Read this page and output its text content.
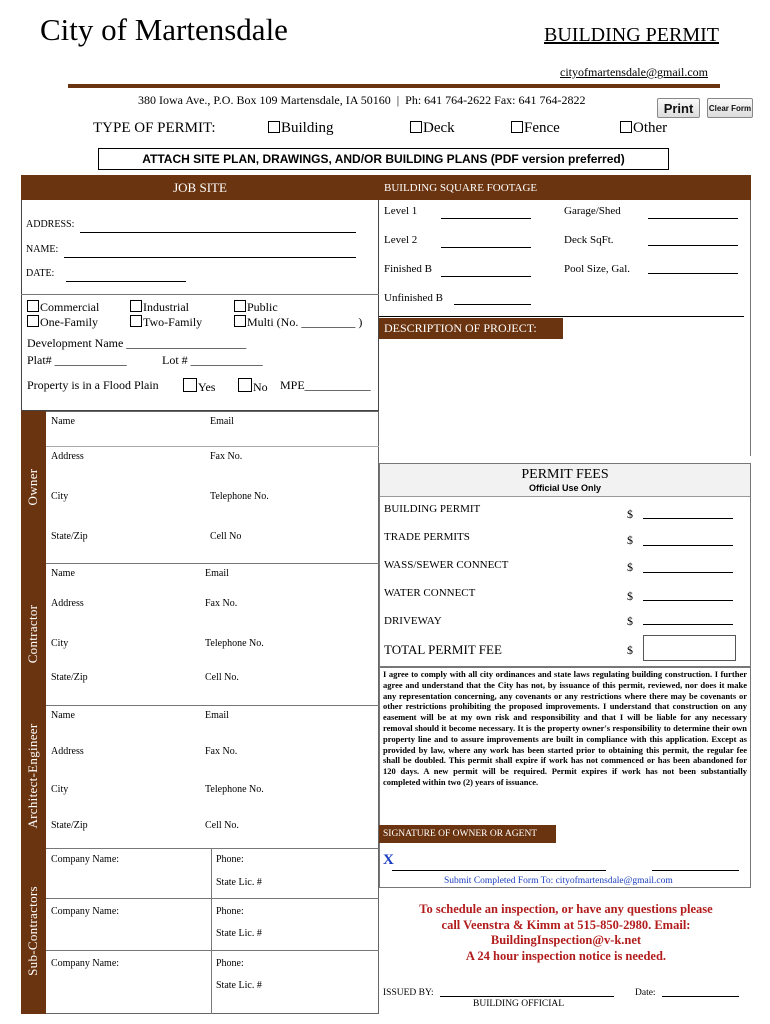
City of Martensdale	BUILDING PERMIT
cityofmartensdale@gmail.com
380 Iowa Ave., P.O. Box 109 Martensdale, IA 50160  |  Ph: 641 764-2622 Fax: 641 764-2822
Print	Clear Form
TYPE OF PERMIT:	Building	Deck	Fence	Other
ATTACH SITE PLAN, DRAWINGS, AND/OR BUILDING PLANS (PDF version preferred)
JOB SITE
ADDRESS:
NAME:
DATE:
Commercial	Industrial	Public
One-Family	Two-Family	Multi (No. _________ )
Development Name ____________________
Plat# ____________	Lot # ____________
Property is in a Flood Plain	Yes	No MPE___________
BUILDING SQUARE FOOTAGE
Level 1	Garage/Shed
Level 2	Deck SqFt.
Finished B	Pool Size, Gal.
Unfinished B
DESCRIPTION OF PROJECT:
Owner
Contractor
Architect-Engineer
Sub-Contractors
Name	Email
Address	Fax No.
City	Telephone No.
State/Zip	Cell No
Name	Email
Address	Fax No.
City	Telephone No.
State/Zip	Cell No.
Name	Email
Address	Fax No.
City	Telephone No.
State/Zip	Cell No.
Company Name:	Phone:
State Lic. #
Company Name:	Phone:
State Lic. #
Company Name:	Phone:
State Lic. #
PERMIT FEES
Official Use Only
BUILDING PERMIT	$
TRADE PERMITS	$
WASS/SEWER CONNECT	$
WATER CONNECT	$
DRIVEWAY	$
TOTAL PERMIT FEE	$
I agree to comply with all city ordinances and state laws regulating building construction. I further agree and understand that the City has not, by issuance of this permit, reviewed, nor does it make any representation concerning, any covenants or any restrictions where there may be covenants or other restrictions prohibiting the proposed improvements. I understand that construction on any easement will be at my own risk and responsibility and that I will be liable for any necessary removal should it become necessary. It is the property owner's responsibility to determine their own property line and to assure improvements are built in compliance with this application. Except as provided by law, where any work has been started prior to obtaining this permit, the regular fee shall be doubled. This permit shall expire if work has not commenced or has been abandoned for 120 days. A new permit will be required. Permit expires if work has not been substantially completed within two (2) years of issuance.
SIGNATURE OF OWNER OR AGENT
X
Submit Completed Form To: cityofmartensdale@gmail.com
To schedule an inspection, or have any questions please
call Veenstra & Kimm at 515-850-2980. Email:
BuildingInspection@v-k.net
A 24 hour inspection notice is needed.
ISSUED BY:
BUILDING OFFICIAL
Date:
